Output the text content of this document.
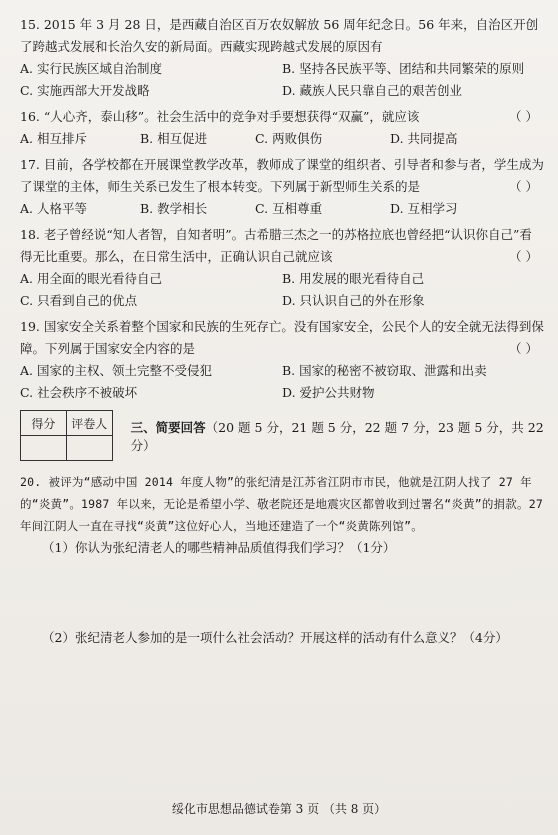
15. 2015 年 3 月 28 日，是西藏自治区百万农奴解放 56 周年纪念日。56 年来，自治区开创了跨越式发展和长治久安的新局面。西藏实现跨越式发展的原因有
A. 实行民族区域自治制度	B. 坚持各民族平等、团结和共同繁荣的原则
C. 实施西部大开发战略	D. 藏族人民只靠自己的艰苦创业
16. “人心齐，泰山移”。社会生活中的竞争对手要想获得“双赢”，就应该	（ ）
A. 相互排斥	B. 相互促进	C. 两败俱伤	D. 共同提高
17. 目前，各学校都在开展课堂教学改革，教师成了课堂的组织者、引导者和参与者，学生成为了课堂的主体，师生关系已发生了根本转变。下列属于新型师生关系的是	（ ）
A. 人格平等	B. 教学相长	C. 互相尊重	D. 互相学习
18. 老子曾经说“知人者智，自知者明”。古希腊三杰之一的苏格拉底也曾经把“认识你自己”看得无比重要。那么，在日常生活中，正确认识自己就应该	（ ）
A. 用全面的眼光看待自己	B. 用发展的眼光看待自己
C. 只看到自己的优点	D. 只认识自己的外在形象
19. 国家安全关系着整个国家和民族的生死存亡。没有国家安全，公民个人的安全就无法得到保障。下列属于国家安全内容的是	（ ）
A. 国家的主权、领土完整不受侵犯	B. 国家的秘密不被窃取、泄露和出卖
C. 社会秩序不被破坏	D. 爱护公共财物
得分	评卷人
	三、简要回答（20 题 5 分，21 题 5 分，22 题 7 分，23 题 5 分，共 22 分）
20. 被评为“感动中国 2014 年度人物”的张纪清是江苏省江阴市市民，他就是江阴人找了 27 年的“炎黄”。1987 年以来，无论是希望小学、敬老院还是地震灾区都曾收到过署名“炎黄”的捐款。27 年间江阴人一直在寻找“炎黄”这位好心人，当地还建造了一个“炎黄陈列馆”。
（1）你认为张纪清老人的哪些精神品质值得我们学习？（1分）
（2）张纪清老人参加的是一项什么社会活动？开展这样的活动有什么意义？（4分）
绥化市思想品德试卷第 3 页 （共 8 页）
